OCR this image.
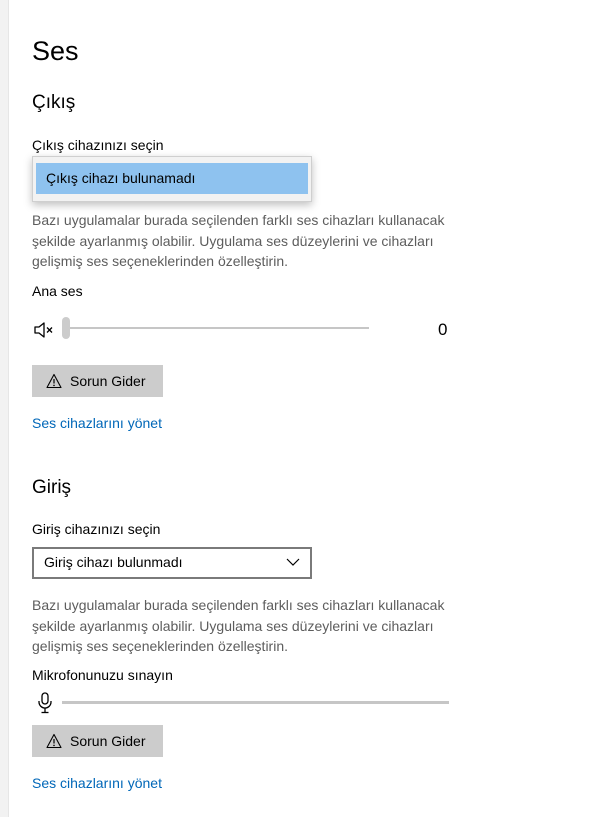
Ses
Çıkış
Çıkış cihazınızı seçin
Çıkış cihazı bulunamadı
Bazı uygulamalar burada seçilenden farklı ses cihazları kullanacak şekilde ayarlanmış olabilir. Uygulama ses düzeylerini ve cihazları gelişmiş ses seçeneklerinden özelleştirin.
Ana ses
0
Sorun Gider
Ses cihazlarını yönet
Giriş
Giriş cihazınızı seçin
Giriş cihazı bulunmadı
Bazı uygulamalar burada seçilenden farklı ses cihazları kullanacak şekilde ayarlanmış olabilir. Uygulama ses düzeylerini ve cihazları gelişmiş ses seçeneklerinden özelleştirin.
Mikrofonunuzu sınayın
Sorun Gider
Ses cihazlarını yönet
